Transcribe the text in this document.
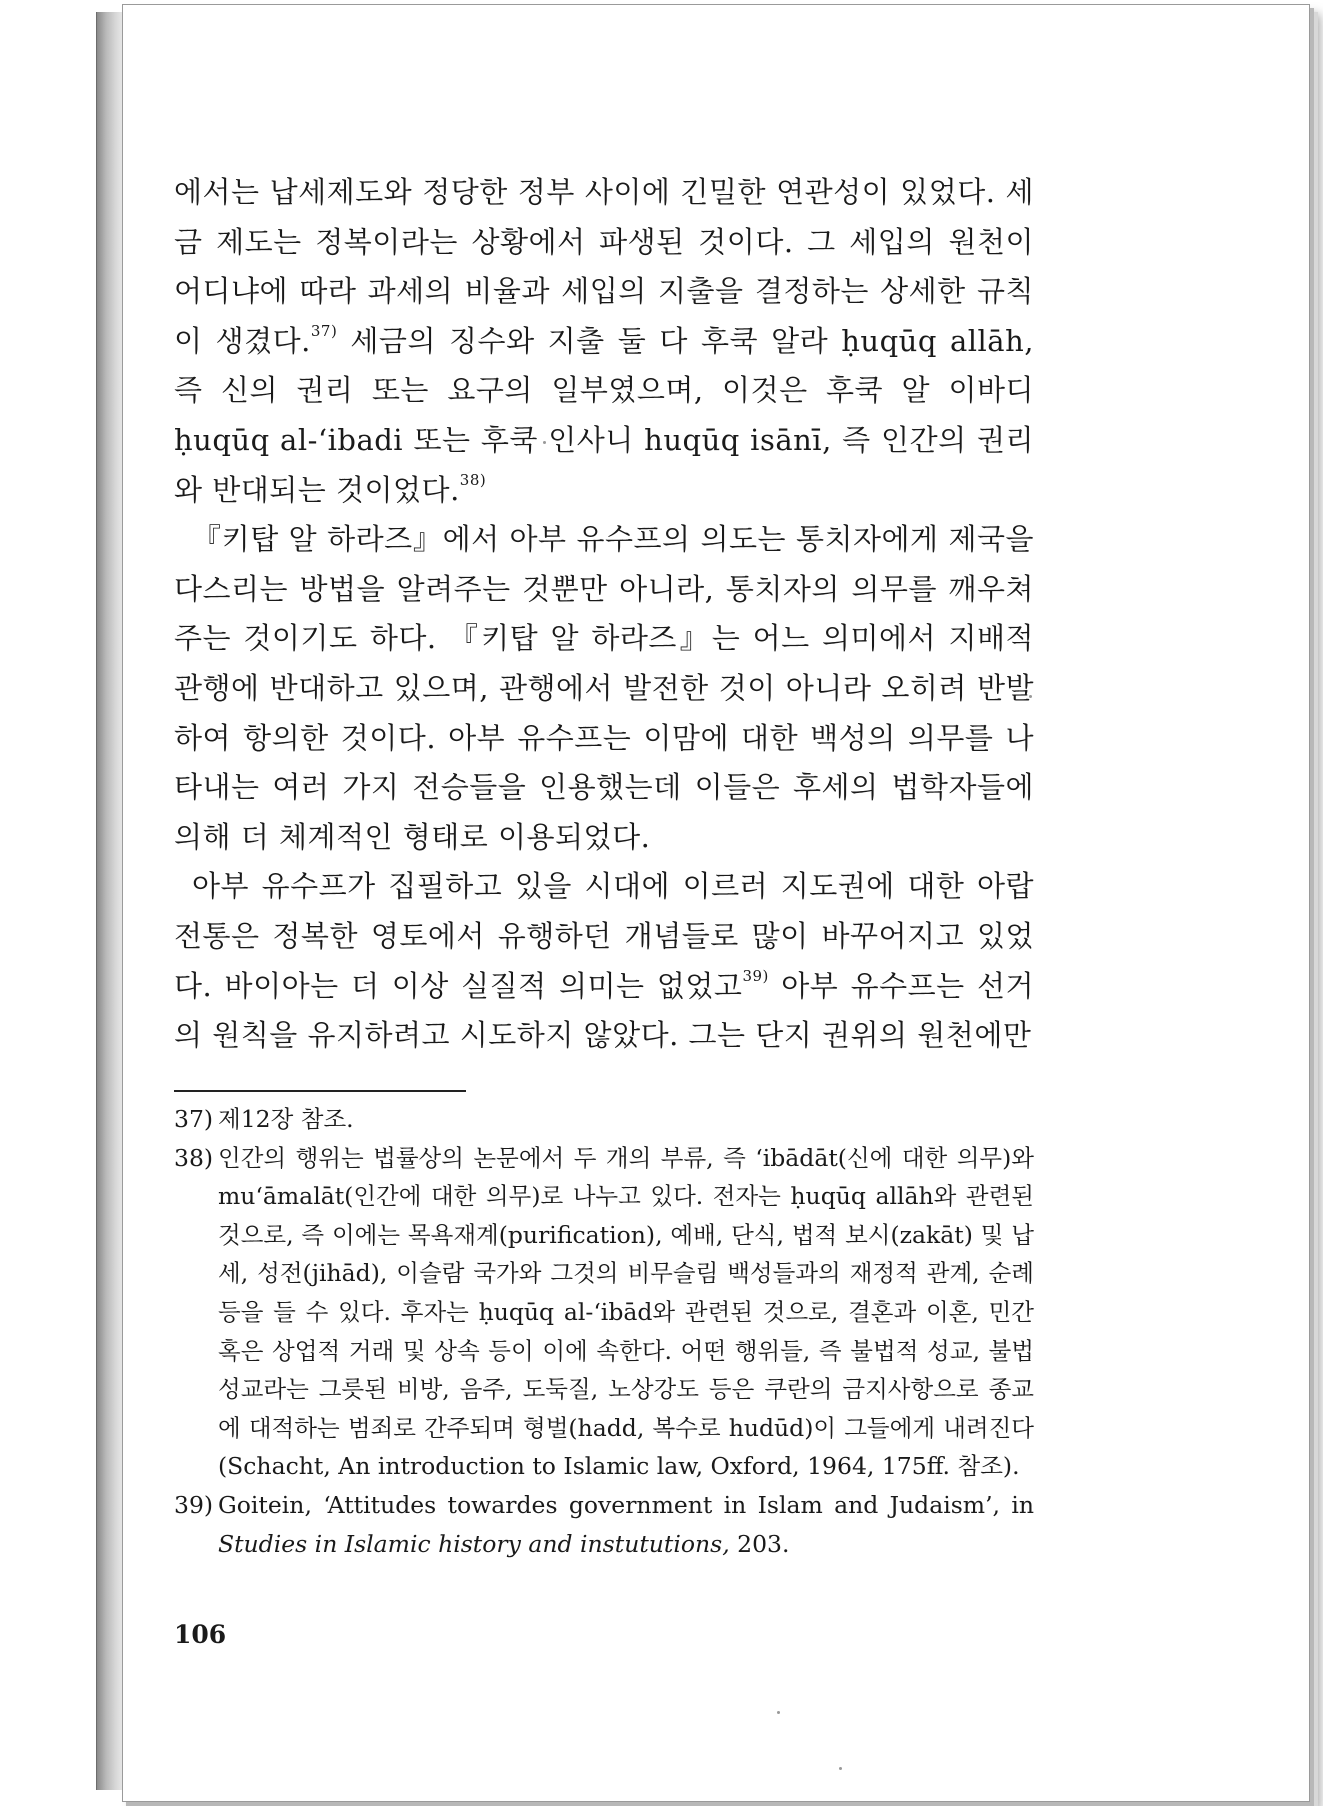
에서는 납세제도와 정당한 정부 사이에 긴밀한 연관성이 있었다. 세금 제도는 정복이라는 상황에서 파생된 것이다. 그 세입의 원천이 어디냐에 따라 과세의 비율과 세입의 지출을 결정하는 상세한 규칙이 생겼다.$^{37)}$ 세금의 징수와 지출 둘 다 후쿡 알라 ḥuqūq allāh, 즉 신의 권리 또는 요구의 일부였으며, 이것은 후쿡 알 이바디 ḥuqūq al-‘ibadi 또는 후쿡 인사니 huqūq isānī, 즉 인간의 권리와 반대되는 것이었다.$^{38)}$

『키탑 알 하라즈』에서 아부 유수프의 의도는 통치자에게 제국을 다스리는 방법을 알려주는 것뿐만 아니라, 통치자의 의무를 깨우쳐 주는 것이기도 하다. 『키탑 알 하라즈』는 어느 의미에서 지배적 관행에 반대하고 있으며, 관행에서 발전한 것이 아니라 오히려 반발하여 항의한 것이다. 아부 유수프는 이맘에 대한 백성의 의무를 나타내는 여러 가지 전승들을 인용했는데 이들은 후세의 법학자들에 의해 더 체계적인 형태로 이용되었다.

아부 유수프가 집필하고 있을 시대에 이르러 지도권에 대한 아랍 전통은 정복한 영토에서 유행하던 개념들로 많이 바꾸어지고 있었다. 바이아는 더 이상 실질적 의미는 없었고$^{39)}$ 아부 유수프는 선거의 원칙을 유지하려고 시도하지 않았다. 그는 단지 권위의 원천에만

37) 제12장 참조.
38) 인간의 행위는 법률상의 논문에서 두 개의 부류, 즉 ‘ibādāt(신에 대한 의무)와 mu‘āmalāt(인간에 대한 의무)로 나누고 있다. 전자는 ḥuqūq allāh와 관련된 것으로, 즉 이에는 목욕재계(purification), 예배, 단식, 법적 보시(zakāt) 및 납세, 성전(jihād), 이슬람 국가와 그것의 비무슬림 백성들과의 재정적 관계, 순례 등을 들 수 있다. 후자는 ḥuqūq al-‘ibād와 관련된 것으로, 결혼과 이혼, 민간 혹은 상업적 거래 및 상속 등이 이에 속한다. 어떤 행위들, 즉 불법적 성교, 불법 성교라는 그릇된 비방, 음주, 도둑질, 노상강도 등은 쿠란의 금지사항으로 종교에 대적하는 범죄로 간주되며 형벌(hadd, 복수로 hudūd)이 그들에게 내려진다(Schacht, An introduction to Islamic law, Oxford, 1964, 175ff. 참조).
39) Goitein, ‘Attitudes towardes government in Islam and Judaism’, in Studies in Islamic history and instututions, 203.
106
